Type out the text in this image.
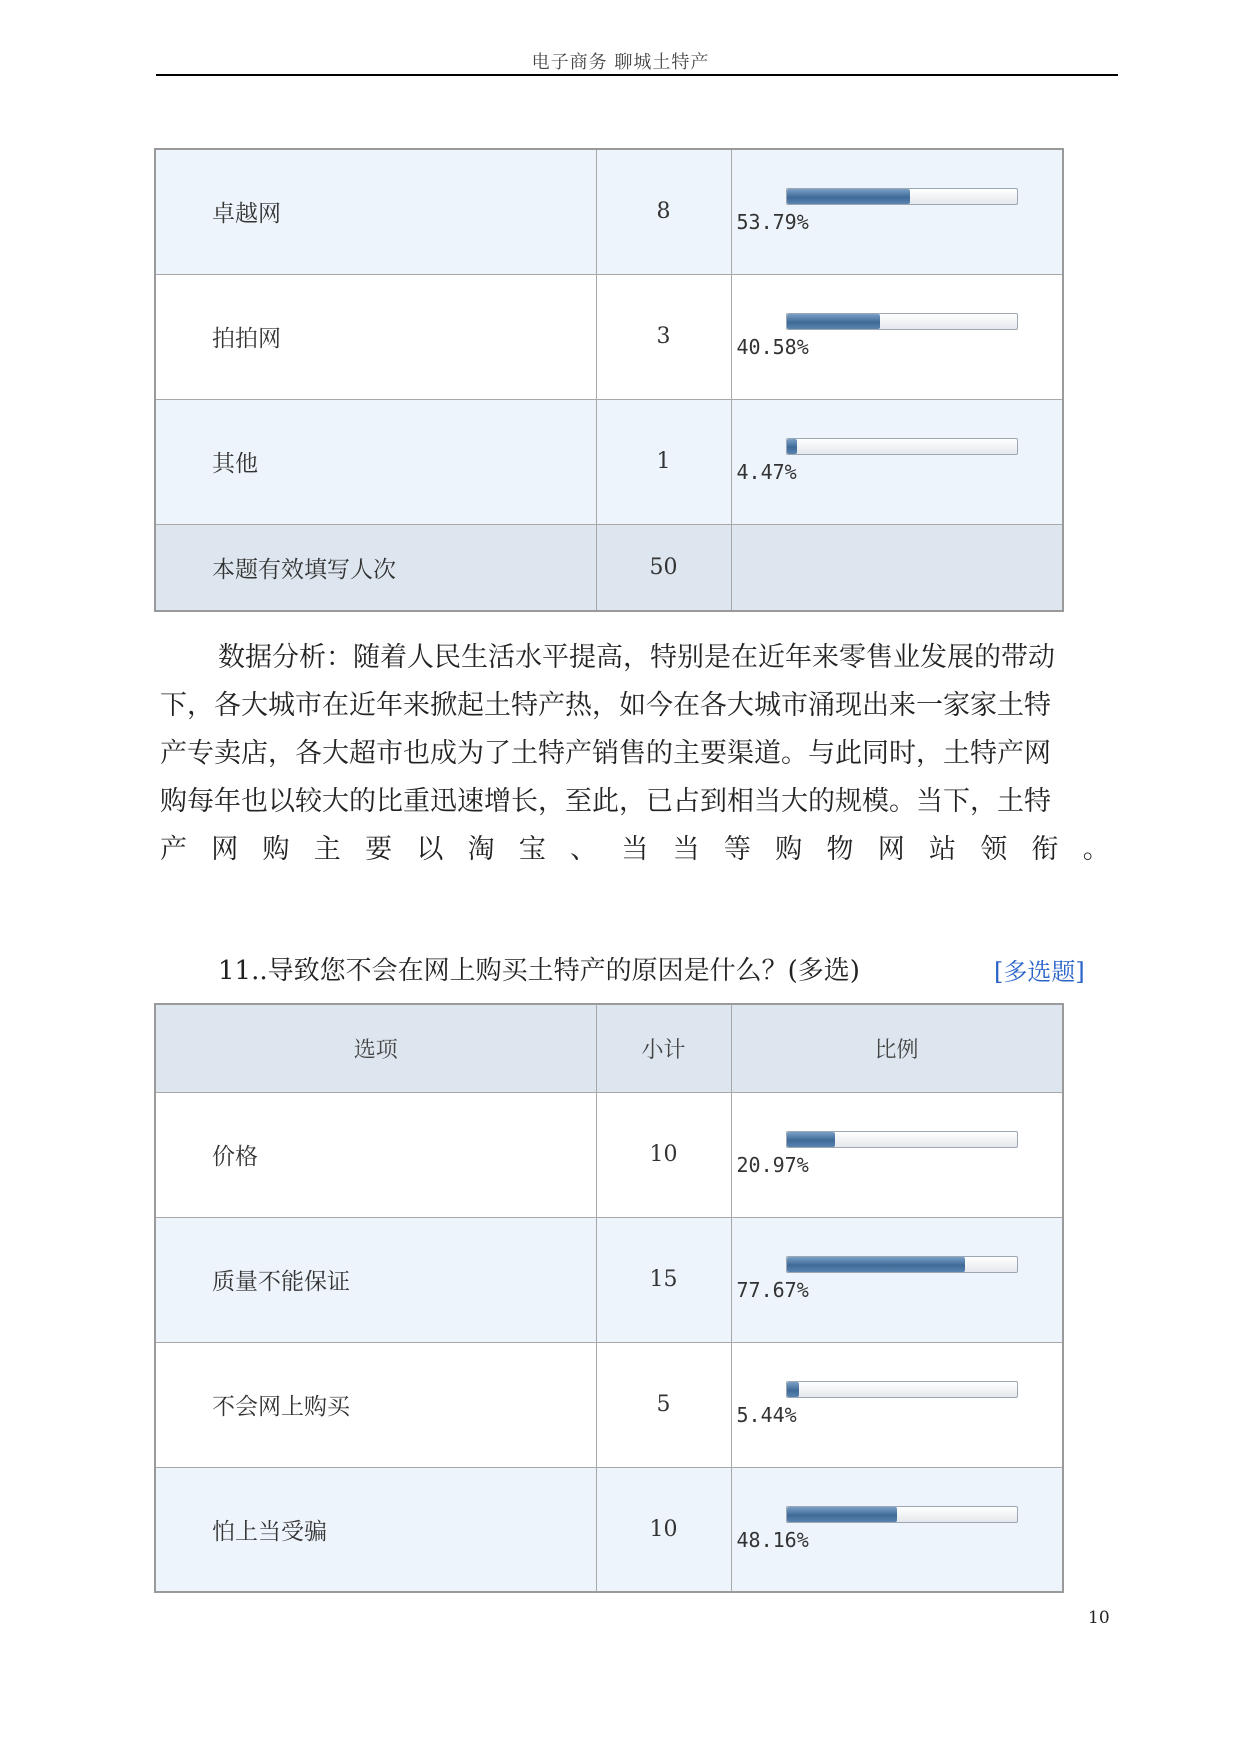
电子商务 聊城土特产
卓越网	8	53.79%

拍拍网	3	40.58%

其他	1	4.47%

本题有效填写人次	50	
数据分析：随着人民生活水平提高，特别是在近年来零售业发展的带动
下，各大城市在近年来掀起土特产热，如今在各大城市涌现出来一家家土特
产专卖店，各大超市也成为了土特产销售的主要渠道。与此同时，土特产网
购每年也以较大的比重迅速增长，至此，已占到相当大的规模。当下，土特
产 网 购 主 要 以 淘 宝 、 当 当 等 购 物 网 站 领 衔 。
11..导致您不会在网上购买土特产的原因是什么？(多选)	[多选题]
选项	小计	比例
价格	10	20.97%

质量不能保证	15	77.67%

不会网上购买	5	5.44%

怕上当受骗	10	48.16%
10
